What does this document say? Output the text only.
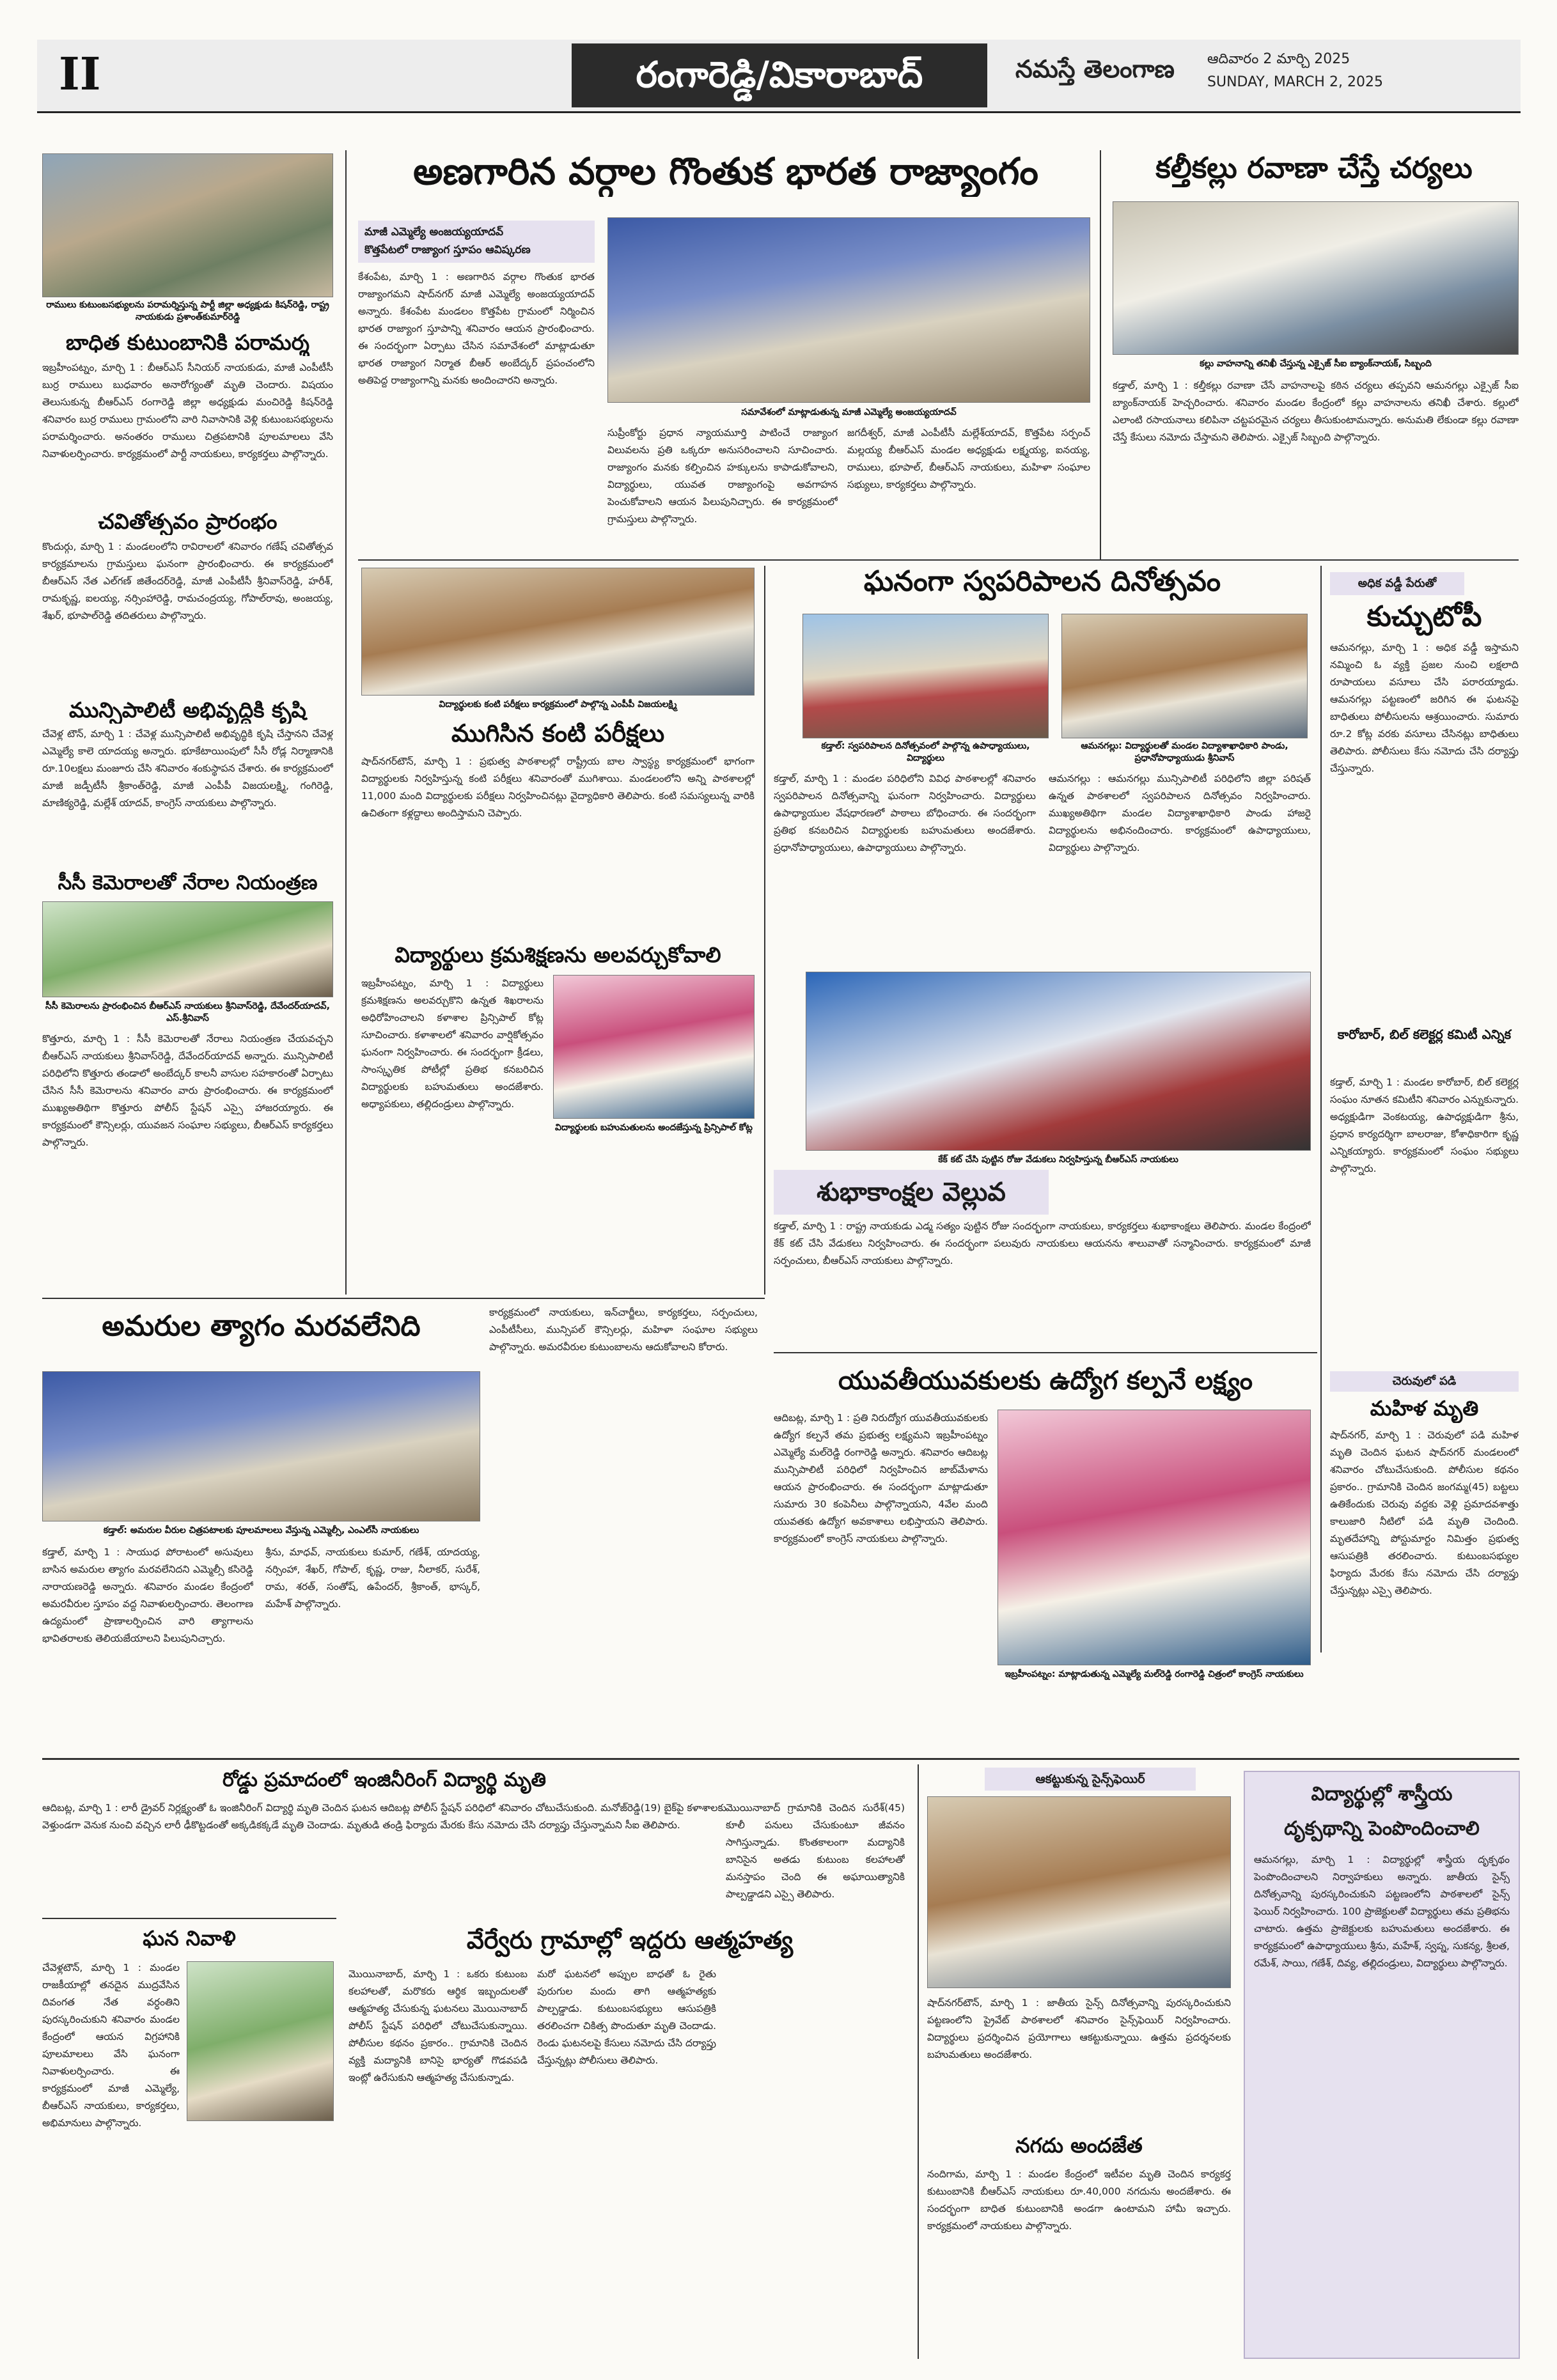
II	రంగారెడ్డి/వికారాబాద్	నమస్తే తెలంగాణ ఆదివారం 2 మార్చి 2025
SUNDAY, MARCH 2, 2025
రాములు కుటుంబసభ్యులను పరామర్శిస్తున్న పార్టీ జిల్లా అధ్యక్షుడు కిషన్‌రెడ్డి, రాష్ట్ర నాయకుడు ప్రశాంత్‌కుమార్‌రెడ్డి
బాధిత కుటుంబానికి పరామర్శ
ఇబ్రహీంపట్నం, మార్చి 1 : బీఆర్‌ఎస్ సీనియర్ నాయకుడు, మాజీ ఎంపీటీసీ బుర్ర రాములు బుధవారం అనారోగ్యంతో మృతి చెందారు. విషయం తెలుసుకున్న బీఆర్‌ఎస్ రంగారెడ్డి జిల్లా అధ్యక్షుడు మంచిరెడ్డి కిషన్‌రెడ్డి శనివారం బుర్ర రాములు గ్రామంలోని వారి నివాసానికి వెళ్లి కుటుంబసభ్యులను పరామర్శించారు. అనంతరం రాములు చిత్రపటానికి పూలమాలలు వేసి నివాళులర్పించారు. కార్యక్రమంలో పార్టీ నాయకులు, కార్యకర్తలు పాల్గొన్నారు.
చవితోత్సవం ప్రారంభం
కొందుర్గు, మార్చి 1 : మండలంలోని రావిరాలలో శనివారం గణేష్ చవితోత్సవ కార్యక్రమాలను గ్రామస్తులు ఘనంగా ప్రారంభించారు. ఈ కార్యక్రమంలో బీఆర్‌ఎస్ నేత ఎల్‌గణ్ జితేందర్‌రెడ్డి, మాజీ ఎంపీటీసీ శ్రీనివాస్‌రెడ్డి, హరీశ్, రామకృష్ణ, ఐలయ్య, నర్సింహారెడ్డి, రామచంద్రయ్య, గోపాల్‌రావు, అంజయ్య, శేఖర్, భూపాల్‌రెడ్డి తదితరులు పాల్గొన్నారు.
మున్సిపాలిటీ అభివృద్ధికి కృషి
చేవెళ్ల టౌన్, మార్చి 1 : చేవెళ్ల మున్సిపాలిటీ అభివృద్ధికి కృషి చేస్తానని చేవెళ్ల ఎమ్మెల్యే కాలె యాదయ్య అన్నారు. భూకేటాయింపులో సీసీ రోడ్ల నిర్మాణానికి రూ.10లక్షలు మంజూరు చేసి శనివారం శంకుస్థాపన చేశారు. ఈ కార్యక్రమంలో మాజీ జడ్పీటీసీ శ్రీకాంత్‌రెడ్డి, మాజీ ఎంపీపీ విజయలక్ష్మి, గంగిరెడ్డి, మాణిక్యరెడ్డి, మల్లేశ్‌ యాదవ్, కాంగ్రెస్ నాయకులు పాల్గొన్నారు.
సీసీ కెమెరాలతో నేరాల నియంత్రణ
సీసీ కెమెరాలను ప్రారంభించిన బీఆర్‌ఎస్ నాయకులు శ్రీనివాస్‌రెడ్డి, దేవేందర్‌యాదవ్, ఎస్.శ్రీనివాస్
కొత్తూరు, మార్చి 1 : సీసీ కెమెరాలతో నేరాలు నియంత్రణ చేయవచ్చని బీఆర్‌ఎస్ నాయకులు శ్రీనివాస్‌రెడ్డి, దేవేందర్‌యాదవ్ అన్నారు. మున్సిపాలిటీ పరిధిలోని కొత్తూరు తండాలో అంబేద్కర్ కాలనీ వాసుల సహకారంతో ఏర్పాటు చేసిన సీసీ కెమెరాలను శనివారం వారు ప్రారంభించారు. ఈ కార్యక్రమంలో ముఖ్యఅతిథిగా కొత్తూరు పోలీస్ స్టేషన్ ఎస్సై హాజరయ్యారు. ఈ కార్యక్రమంలో కౌన్సిలర్లు, యువజన సంఘాల సభ్యులు, బీఆర్‌ఎస్ కార్యకర్తలు పాల్గొన్నారు.
అణగారిన వర్గాల గొంతుక భారత రాజ్యాంగం
మాజీ ఎమ్మెల్యే అంజయ్యయాదవ్
కొత్తపేటలో రాజ్యాంగ స్తూపం ఆవిష్కరణ
కేశంపేట, మార్చి 1 : అణగారిన వర్గాల గొంతుక భారత రాజ్యాంగమని షాద్‌నగర్ మాజీ ఎమ్మెల్యే అంజయ్యయాదవ్ అన్నారు. కేశంపేట మండలం కొత్తపేట గ్రామంలో నిర్మించిన భారత రాజ్యాంగ స్తూపాన్ని శనివారం ఆయన ప్రారంభించారు. ఈ సందర్భంగా ఏర్పాటు చేసిన సమావేశంలో మాట్లాడుతూ భారత రాజ్యాంగ నిర్మాత బీఆర్ అంబేద్కర్ ప్రపంచంలోని అతిపెద్ద రాజ్యాంగాన్ని మనకు అందించారని అన్నారు.
సమావేశంలో మాట్లాడుతున్న మాజీ ఎమ్మెల్యే అంజయ్యయాదవ్
సుప్రీంకోర్టు ప్రధాన న్యాయమూర్తి పాటించే రాజ్యాంగ విలువలను ప్రతి ఒక్కరూ అనుసరించాలని సూచించారు. రాజ్యాంగం మనకు కల్పించిన హక్కులను కాపాడుకోవాలని, విద్యార్థులు, యువత రాజ్యాంగంపై అవగాహన పెంచుకోవాలని ఆయన పిలుపునిచ్చారు. ఈ కార్యక్రమంలో గ్రామస్తులు పాల్గొన్నారు.
జగదీశ్వర్, మాజీ ఎంపీటీసీ మల్లేశ్‌యాదవ్, కొత్తపేట సర్పంచ్ మల్లయ్య బీఆర్‌ఎస్ మండల అధ్యక్షుడు లక్ష్మయ్య, ఐనయ్య, రాములు, భూపాల్, బీఆర్‌ఎస్ నాయకులు, మహిళా సంఘాల సభ్యులు, కార్యకర్తలు పాల్గొన్నారు.
కల్తీకల్లు రవాణా చేస్తే చర్యలు
కల్లు వాహనాన్ని తనిఖీ చేస్తున్న ఎక్సైజ్ సీఐ బ్యాంక్‌నాయక్, సిబ్బంది
కడ్తాల్, మార్చి 1 : కల్తీకల్లు రవాణా చేసే వాహనాలపై కఠిన చర్యలు తప్పవని ఆమనగల్లు ఎక్సైజ్ సీఐ బ్యాంక్‌నాయక్ హెచ్చరించారు. శనివారం మండల కేంద్రంలో కల్లు వాహనాలను తనిఖీ చేశారు. కల్లులో ఎలాంటి రసాయనాలు కలిపినా చట్టపరమైన చర్యలు తీసుకుంటామన్నారు. అనుమతి లేకుండా కల్లు రవాణా చేస్తే కేసులు నమోదు చేస్తామని తెలిపారు. ఎక్సైజ్ సిబ్బంది పాల్గొన్నారు.
విద్యార్థులకు కంటి పరీక్షలు కార్యక్రమంలో పాల్గొన్న ఎంపీపీ విజయలక్ష్మి
ముగిసిన కంటి పరీక్షలు
షాద్‌నగర్‌టౌన్, మార్చి 1 : ప్రభుత్వ పాఠశాలల్లో రాష్ట్రీయ బాల స్వాస్థ్య కార్యక్రమంలో భాగంగా విద్యార్థులకు నిర్వహిస్తున్న కంటి పరీక్షలు శనివారంతో ముగిశాయి. మండలంలోని అన్ని పాఠశాలల్లో 11,000 మంది విద్యార్థులకు పరీక్షలు నిర్వహించినట్లు వైద్యాధికారి తెలిపారు. కంటి సమస్యలున్న వారికి ఉచితంగా కళ్లద్దాలు అందిస్తామని చెప్పారు.
విద్యార్థులు క్రమశిక్షణను అలవర్చుకోవాలి
ఇబ్రహీంపట్నం, మార్చి 1 : విద్యార్థులు క్రమశిక్షణను అలవర్చుకొని ఉన్నత శిఖరాలను అధిరోహించాలని కళాశాల ప్రిన్సిపాల్ కోట్ల సూచించారు. కళాశాలలో శనివారం వార్షికోత్సవం ఘనంగా నిర్వహించారు. ఈ సందర్భంగా క్రీడలు, సాంస్కృతిక పోటీల్లో ప్రతిభ కనబరిచిన విద్యార్థులకు బహుమతులు అందజేశారు. అధ్యాపకులు, తల్లిదండ్రులు పాల్గొన్నారు.
విద్యార్థులకు బహుమతులను అందజేస్తున్న ప్రిన్సిపాల్ కోట్ల
ఘనంగా స్వపరిపాలన దినోత్సవం
కడ్తాల్: స్వపరిపాలన దినోత్సవంలో పాల్గొన్న ఉపాధ్యాయులు, విద్యార్థులు
ఆమనగల్లు: విద్యార్థులతో మండల విద్యాశాఖాధికారి పాండు, ప్రధానోపాధ్యాయుడు శ్రీనివాస్
కడ్తాల్, మార్చి 1 : మండల పరిధిలోని వివిధ పాఠశాలల్లో శనివారం స్వపరిపాలన దినోత్సవాన్ని ఘనంగా నిర్వహించారు. విద్యార్థులు ఉపాధ్యాయుల వేషధారణలో పాఠాలు బోధించారు. ఈ సందర్భంగా ప్రతిభ కనబరిచిన విద్యార్థులకు బహుమతులు అందజేశారు. ప్రధానోపాధ్యాయులు, ఉపాధ్యాయులు పాల్గొన్నారు.
ఆమనగల్లు : ఆమనగల్లు మున్సిపాలిటీ పరిధిలోని జిల్లా పరిషత్ ఉన్నత పాఠశాలలో స్వపరిపాలన దినోత్సవం నిర్వహించారు. ముఖ్యఅతిథిగా మండల విద్యాశాఖాధికారి పాండు హాజరై విద్యార్థులను అభినందించారు. కార్యక్రమంలో ఉపాధ్యాయులు, విద్యార్థులు పాల్గొన్నారు.
అధిక వడ్డీ పేరుతో
కుచ్చుటోపీ
ఆమనగల్లు, మార్చి 1 : అధిక వడ్డీ ఇస్తామని నమ్మించి ఓ వ్యక్తి ప్రజల నుంచి లక్షలాది రూపాయలు వసూలు చేసి పరారయ్యాడు. ఆమనగల్లు పట్టణంలో జరిగిన ఈ ఘటనపై బాధితులు పోలీసులను ఆశ్రయించారు. సుమారు రూ.2 కోట్ల వరకు వసూలు చేసినట్లు బాధితులు తెలిపారు. పోలీసులు కేసు నమోదు చేసి దర్యాప్తు చేస్తున్నారు.
కారోబార్, బిల్ కలెక్టర్ల కమిటీ ఎన్నిక
కడ్తాల్, మార్చి 1 : మండల కారోబార్, బిల్ కలెక్టర్ల సంఘం నూతన కమిటీని శనివారం ఎన్నుకున్నారు. అధ్యక్షుడిగా వెంకటయ్య, ఉపాధ్యక్షుడిగా శ్రీను, ప్రధాన కార్యదర్శిగా బాలరాజు, కోశాధికారిగా కృష్ణ ఎన్నికయ్యారు. కార్యక్రమంలో సంఘం సభ్యులు పాల్గొన్నారు.
కేక్ కట్ చేసి పుట్టిన రోజు వేడుకలు నిర్వహిస్తున్న బీఆర్‌ఎస్ నాయకులు
శుభాకాంక్షల వెల్లువ
కడ్తాల్, మార్చి 1 : రాష్ట్ర నాయకుడు ఎడ్మ సత్యం పుట్టిన రోజు సందర్భంగా నాయకులు, కార్యకర్తలు శుభాకాంక్షలు తెలిపారు. మండల కేంద్రంలో కేక్ కట్ చేసి వేడుకలు నిర్వహించారు. ఈ సందర్భంగా పలువురు నాయకులు ఆయనను శాలువాతో సన్మానించారు. కార్యక్రమంలో మాజీ సర్పంచులు, బీఆర్‌ఎస్ నాయకులు పాల్గొన్నారు.
చెరువులో పడి
మహిళ మృతి
షాద్‌నగర్, మార్చి 1 : చెరువులో పడి మహిళ మృతి చెందిన ఘటన షాద్‌నగర్ మండలంలో శనివారం చోటుచేసుకుంది. పోలీసుల కథనం ప్రకారం.. గ్రామానికి చెందిన జంగమ్మ(45) బట్టలు ఉతికేందుకు చెరువు వద్దకు వెళ్లి ప్రమాదవశాత్తు కాలుజారి నీటిలో పడి మృతి చెందింది. మృతదేహాన్ని పోస్టుమార్టం నిమిత్తం ప్రభుత్వ ఆసుపత్రికి తరలించారు. కుటుంబసభ్యుల ఫిర్యాదు మేరకు కేసు నమోదు చేసి దర్యాప్తు చేస్తున్నట్లు ఎస్సై తెలిపారు.
అమరుల త్యాగం మరవలేనిది
కడ్తాల్: అమరుల వీరుల చిత్రపటాలకు పూలమాలలు వేస్తున్న ఎమ్మెల్సీ, ఎంఎల్‌సీ నాయకులు
కడ్తాల్, మార్చి 1 : సాయుధ పోరాటంలో అసువులు బాసిన అమరుల త్యాగం మరవలేనిదని ఎమ్మెల్సీ కసిరెడ్డి నారాయణరెడ్డి అన్నారు. శనివారం మండల కేంద్రంలో అమరవీరుల స్తూపం వద్ద నివాళులర్పించారు. తెలంగాణ ఉద్యమంలో ప్రాణాలర్పించిన వారి త్యాగాలను భావితరాలకు తెలియజేయాలని పిలుపునిచ్చారు.
శ్రీను, మాధవ్, నాయకులు కుమార్, గణేశ్, యాదయ్య, నర్సింహా, శేఖర్, గోపాల్, కృష్ణ, రాజు, నీలాకర్, సురేశ్, రామ, శరత్, సంతోష్, ఉపేందర్, శ్రీకాంత్, భాస్కర్, మహేశ్ పాల్గొన్నారు.
కార్యక్రమంలో నాయకులు, ఇన్‌చార్జీలు, కార్యకర్తలు, సర్పంచులు, ఎంపీటీసీలు, మున్సిపల్ కౌన్సిలర్లు, మహిళా సంఘాల సభ్యులు పాల్గొన్నారు. అమరవీరుల కుటుంబాలను ఆదుకోవాలని కోరారు.
యువతీయువకులకు ఉద్యోగ కల్పనే లక్ష్యం
ఇబ్రహీంపట్నం: మాట్లాడుతున్న ఎమ్మెల్యే మల్‌రెడ్డి రంగారెడ్డి చిత్రంలో కాంగ్రెస్ నాయకులు
ఆదిబట్ల, మార్చి 1 : ప్రతి నిరుద్యోగ యువతీయువకులకు ఉద్యోగ కల్పనే తమ ప్రభుత్వ లక్ష్యమని ఇబ్రహీంపట్నం ఎమ్మెల్యే మల్‌రెడ్డి రంగారెడ్డి అన్నారు. శనివారం ఆదిబట్ల మున్సిపాలిటీ పరిధిలో నిర్వహించిన జాబ్‌మేళాను ఆయన ప్రారంభించారు. ఈ సందర్భంగా మాట్లాడుతూ సుమారు 30 కంపెనీలు పాల్గొన్నాయని, 4వేల మంది యువతకు ఉద్యోగ అవకాశాలు లభిస్తాయని తెలిపారు. కార్యక్రమంలో కాంగ్రెస్ నాయకులు పాల్గొన్నారు.
రోడ్డు ప్రమాదంలో ఇంజినీరింగ్ విద్యార్థి మృతి
ఆదిబట్ల, మార్చి 1 : లారీ డ్రైవర్ నిర్లక్ష్యంతో ఓ ఇంజినీరింగ్ విద్యార్థి మృతి చెందిన ఘటన ఆదిబట్ల పోలీస్ స్టేషన్ పరిధిలో శనివారం చోటుచేసుకుంది. మనోజ్‌రెడ్డి(19) బైక్‌పై కళాశాలకు వెళ్తుండగా వెనుక నుంచి వచ్చిన లారీ ఢీకొట్టడంతో అక్కడికక్కడే మృతి చెందాడు. మృతుడి తండ్రి ఫిర్యాదు మేరకు కేసు నమోదు చేసి దర్యాప్తు చేస్తున్నామని సీఐ తెలిపారు.
ఘన నివాళి
చేవెళ్లటౌన్, మార్చి 1 : మండల రాజకీయాల్లో తనదైన ముద్రవేసిన దివంగత నేత వర్ధంతిని పురస్కరించుకుని శనివారం మండల కేంద్రంలో ఆయన విగ్రహానికి పూలమాలలు వేసి ఘనంగా నివాళులర్పించారు. ఈ కార్యక్రమంలో మాజీ ఎమ్మెల్యే, బీఆర్‌ఎస్ నాయకులు, కార్యకర్తలు, అభిమానులు పాల్గొన్నారు.
వేర్వేరు గ్రామాల్లో ఇద్దరు ఆత్మహత్య
మొయినాబాద్, మార్చి 1 : ఒకరు కుటుంబ కలహాలతో, మరొకరు ఆర్థిక ఇబ్బందులతో ఆత్మహత్య చేసుకున్న ఘటనలు మొయినాబాద్ పోలీస్ స్టేషన్ పరిధిలో చోటుచేసుకున్నాయి. పోలీసుల కథనం ప్రకారం.. గ్రామానికి చెందిన వ్యక్తి మద్యానికి బానిసై భార్యతో గొడవపడి ఇంట్లో ఉరేసుకుని ఆత్మహత్య చేసుకున్నాడు.
మరో ఘటనలో అప్పుల బాధతో ఓ రైతు పురుగుల మందు తాగి ఆత్మహత్యకు పాల్పడ్డాడు. కుటుంబసభ్యులు ఆసుపత్రికి తరలించగా చికిత్స పొందుతూ మృతి చెందాడు. రెండు ఘటనలపై కేసులు నమోదు చేసి దర్యాప్తు చేస్తున్నట్లు పోలీసులు తెలిపారు.
మొయినాబాద్ గ్రామానికి చెందిన సురేశ్‌(45) కూలీ పనులు చేసుకుంటూ జీవనం సాగిస్తున్నాడు. కొంతకాలంగా మద్యానికి బానిసైన అతడు కుటుంబ కలహాలతో మనస్తాపం చెంది ఈ అఘాయిత్యానికి పాల్పడ్డాడని ఎస్సై తెలిపారు.
ఆకట్టుకున్న సైన్స్‌ఫెయిర్
షాద్‌నగర్‌టౌన్, మార్చి 1 : జాతీయ సైన్స్ దినోత్సవాన్ని పురస్కరించుకుని పట్టణంలోని ప్రైవేట్ పాఠశాలలో శనివారం సైన్స్‌ఫెయిర్ నిర్వహించారు. విద్యార్థులు ప్రదర్శించిన ప్రయోగాలు ఆకట్టుకున్నాయి. ఉత్తమ ప్రదర్శనలకు బహుమతులు అందజేశారు.
నగదు అందజేత
నందిగామ, మార్చి 1 : మండల కేంద్రంలో ఇటీవల మృతి చెందిన కార్యకర్త కుటుంబానికి బీఆర్‌ఎస్ నాయకులు రూ.40,000 నగదును అందజేశారు. ఈ సందర్భంగా బాధిత కుటుంబానికి అండగా ఉంటామని హామీ ఇచ్చారు. కార్యక్రమంలో నాయకులు పాల్గొన్నారు.
విద్యార్థుల్లో శాస్త్రీయ
దృక్పథాన్ని పెంపొందించాలి
ఆమనగల్లు, మార్చి 1 : విద్యార్థుల్లో శాస్త్రీయ దృక్పథం పెంపొందించాలని నిర్వాహకులు అన్నారు. జాతీయ సైన్స్ దినోత్సవాన్ని పురస్కరించుకుని పట్టణంలోని పాఠశాలలో సైన్స్ ఫెయిర్ నిర్వహించారు. 100 ప్రాజెక్టులతో విద్యార్థులు తమ ప్రతిభను చాటారు. ఉత్తమ ప్రాజెక్టులకు బహుమతులు అందజేశారు. ఈ కార్యక్రమంలో ఉపాధ్యాయులు శ్రీను, మహేశ్, స్వప్న, సుకన్య, శ్రీలత, రమేశ్, సాయి, గణేశ్, దివ్య, తల్లిదండ్రులు, విద్యార్థులు పాల్గొన్నారు.
